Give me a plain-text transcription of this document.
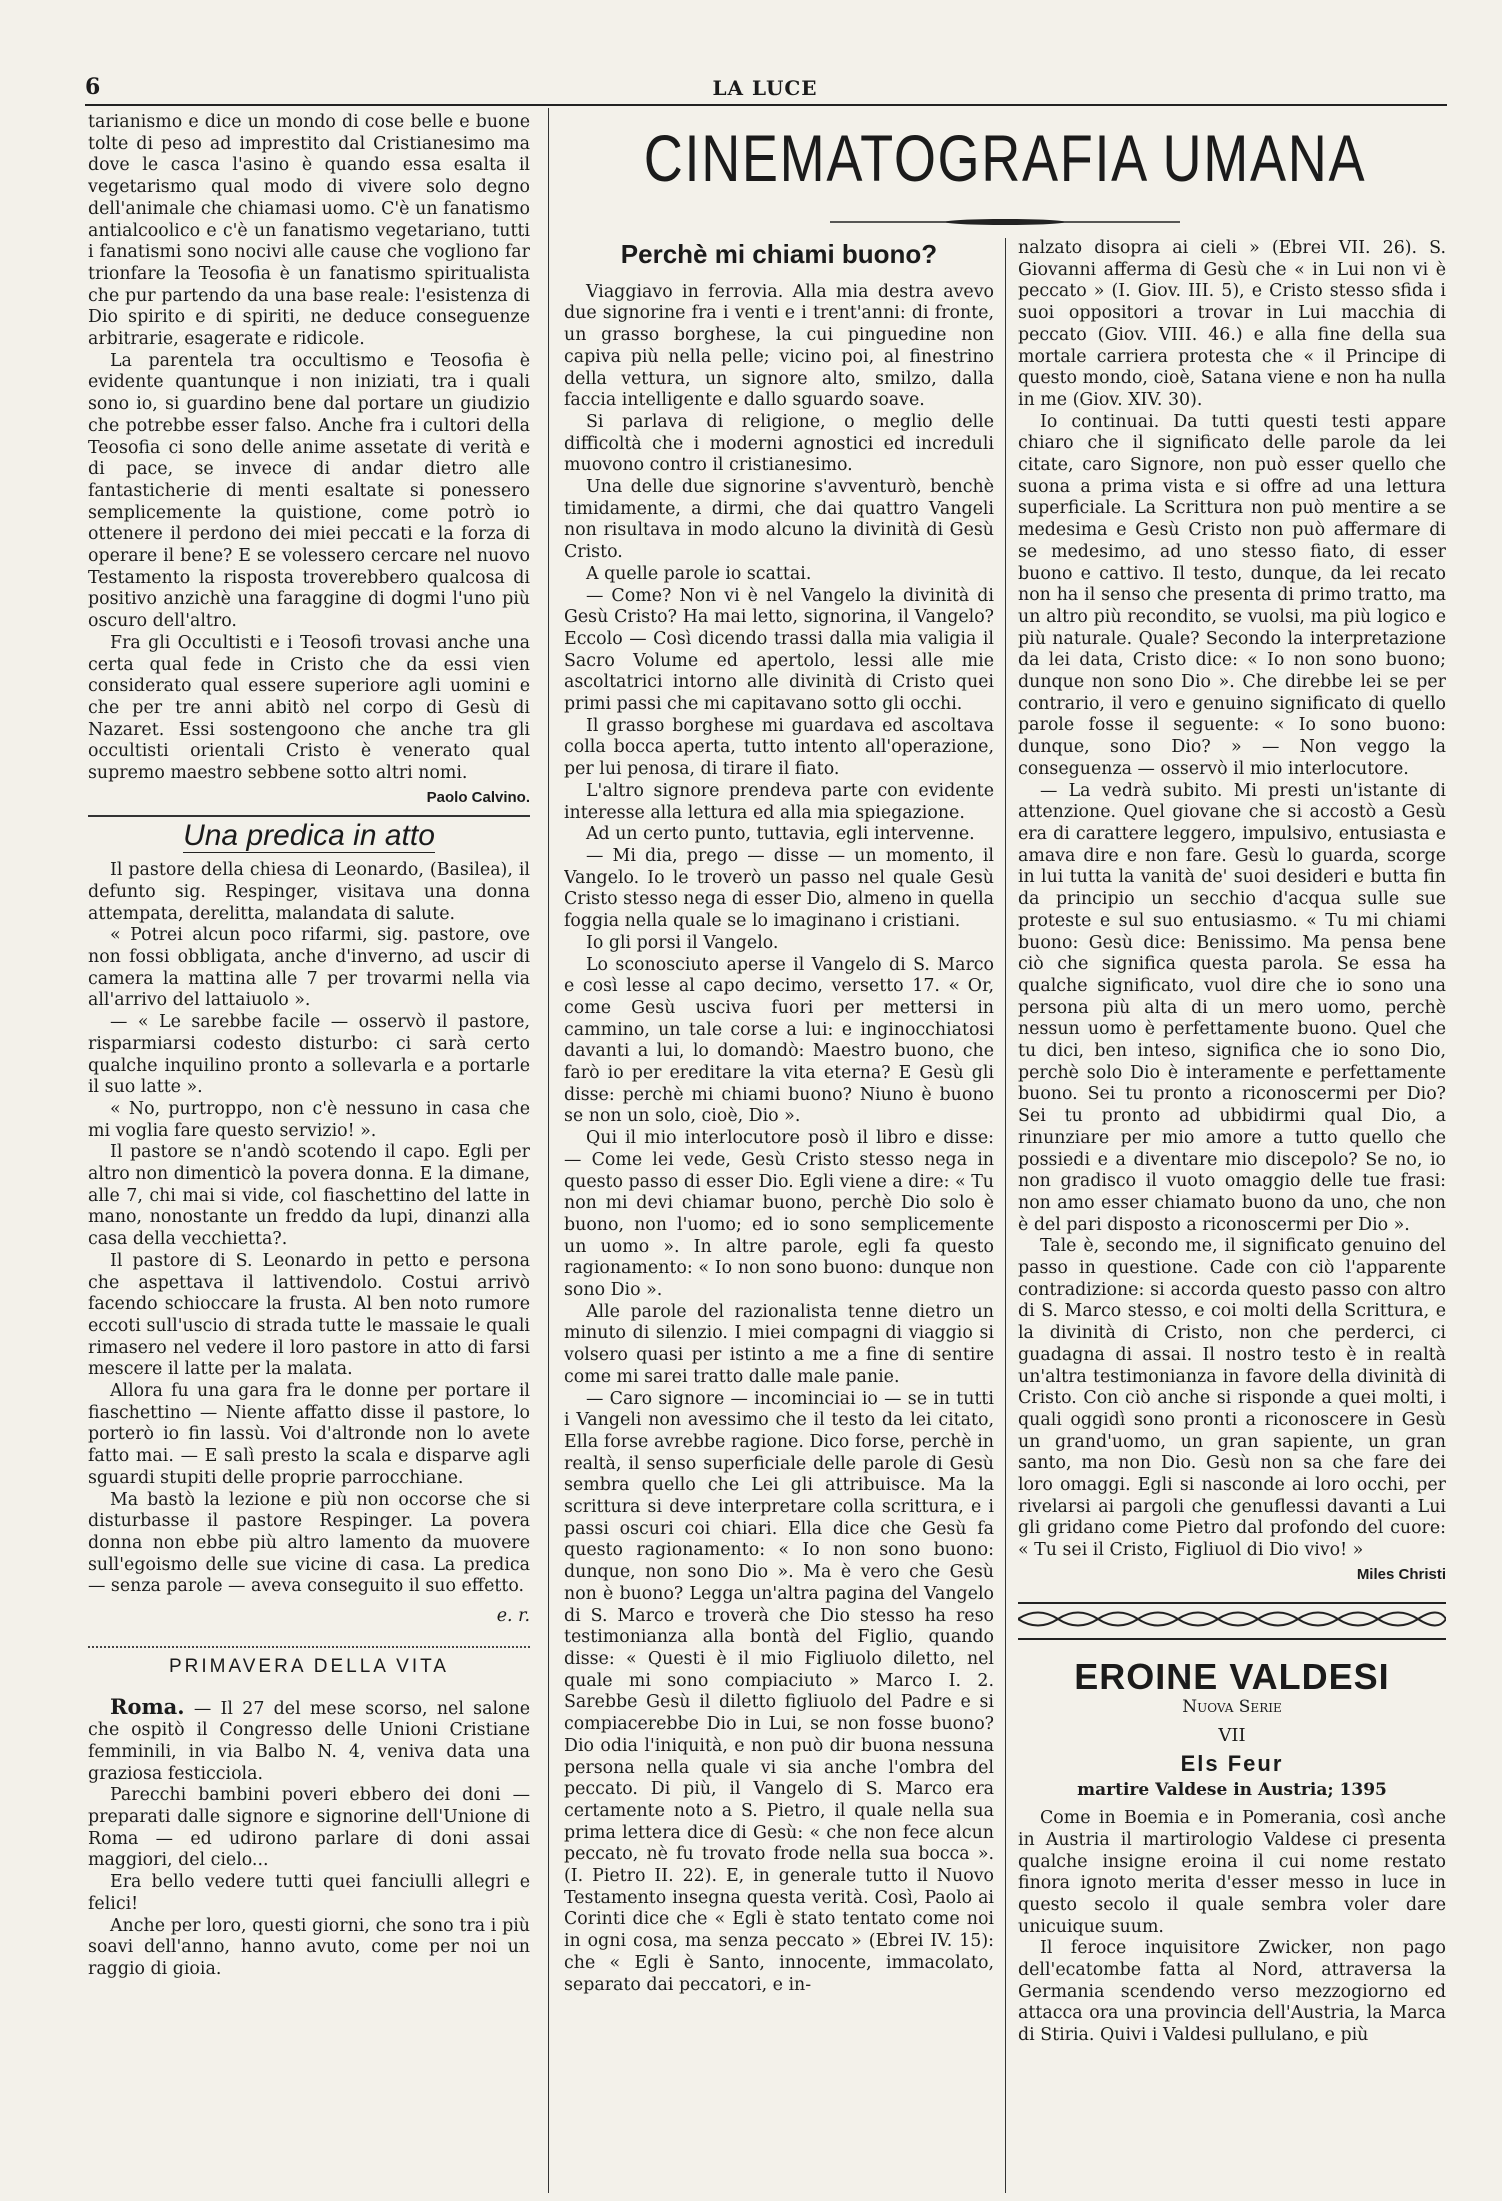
6	LA LUCE

tarianismo e dice un mondo di cose belle e buone tolte di peso ad imprestito dal Cristianesimo ma dove le casca l'asino è quando essa esalta il vegetarismo qual modo di vivere solo degno dell'animale che chiamasi uomo. C'è un fanatismo antialcoolico e c'è un fanatismo vegetariano, tutti i fanatismi sono nocivi alle cause che vogliono far trionfare la Teosofia è un fanatismo spiritualista che pur partendo da una base reale: l'esistenza di Dio spirito e di spiriti, ne deduce conseguenze arbitrarie, esagerate e ridicole.

La parentela tra occultismo e Teosofia è evidente quantunque i non iniziati, tra i quali sono io, si guardino bene dal portare un giudizio che potrebbe esser falso. Anche fra i cultori della Teosofia ci sono delle anime assetate di verità e di pace, se invece di andar dietro alle fantasticherie di menti esaltate si ponessero semplicemente la quistione, come potrò io ottenere il perdono dei miei peccati e la forza di operare il bene? E se volessero cercare nel nuovo Testamento la risposta troverebbero qualcosa di positivo anzichè una faraggine di dogmi l'uno più oscuro dell'altro.

Fra gli Occultisti e i Teosofi trovasi anche una certa qual fede in Cristo che da essi vien considerato qual essere superiore agli uomini e che per tre anni abitò nel corpo di Gesù di Nazaret. Essi sostengoono che anche tra gli occultisti orientali Cristo è venerato qual supremo maestro sebbene sotto altri nomi.

Paolo Calvino.
Una predica in atto

Il pastore della chiesa di Leonardo, (Basilea), il defunto sig. Respinger, visitava una donna attempata, derelitta, malandata di salute.

« Potrei alcun poco rifarmi, sig. pastore, ove non fossi obbligata, anche d'inverno, ad uscir di camera la mattina alle 7 per trovarmi nella via all'arrivo del lattaiuolo ».

— « Le sarebbe facile — osservò il pastore, risparmiarsi codesto disturbo: ci sarà certo qualche inquilino pronto a sollevarla e a portarle il suo latte ».

« No, purtroppo, non c'è nessuno in casa che mi voglia fare questo servizio! ».

Il pastore se n'andò scotendo il capo. Egli per altro non dimenticò la povera donna. E la dimane, alle 7, chi mai si vide, col fiaschettino del latte in mano, nonostante un freddo da lupi, dinanzi alla casa della vecchietta?.

Il pastore di S. Leonardo in petto e persona che aspettava il lattivendolo. Costui arrivò facendo schioccare la frusta. Al ben noto rumore eccoti sull'uscio di strada tutte le massaie le quali rimasero nel vedere il loro pastore in atto di farsi mescere il latte per la malata.

Allora fu una gara fra le donne per portare il fiaschettino — Niente affatto disse il pastore, lo porterò io fin lassù. Voi d'altronde non lo avete fatto mai. — E salì presto la scala e disparve agli sguardi stupiti delle proprie parrocchiane.

Ma bastò la lezione e più non occorse che si disturbasse il pastore Respinger. La povera donna non ebbe più altro lamento da muovere sull'egoismo delle sue vicine di casa. La predica — senza parole — aveva conseguito il suo effetto.

e. r.
PRIMAVERA DELLA VITA

Roma. — Il 27 del mese scorso, nel salone che ospitò il Congresso delle Unioni Cristiane femminili, in via Balbo N. 4, veniva data una graziosa festicciola.

Parecchi bambini poveri ebbero dei doni — preparati dalle signore e signorine dell'Unione di Roma — ed udirono parlare di doni assai maggiori, del cielo...

Era bello vedere tutti quei fanciulli allegri e felici!

Anche per loro, questi giorni, che sono tra i più soavi dell'anno, hanno avuto, come per noi un raggio di gioia.

CINEMATOGRAFIA UMANA
Perchè mi chiami buono?

Viaggiavo in ferrovia. Alla mia destra avevo due signorine fra i venti e i trent'anni: di fronte, un grasso borghese, la cui pinguedine non capiva più nella pelle; vicino poi, al finestrino della vettura, un signore alto, smilzo, dalla faccia intelligente e dallo sguardo soave.

Si parlava di religione, o meglio delle difficoltà che i moderni agnostici ed increduli muovono contro il cristianesimo.

Una delle due signorine s'avventurò, benchè timidamente, a dirmi, che dai quattro Vangeli non risultava in modo alcuno la divinità di Gesù Cristo.

A quelle parole io scattai.

— Come? Non vi è nel Vangelo la divinità di Gesù Cristo? Ha mai letto, signorina, il Vangelo? Eccolo — Così dicendo trassi dalla mia valigia il Sacro Volume ed apertolo, lessi alle mie ascoltatrici intorno alle divinità di Cristo quei primi passi che mi capitavano sotto gli occhi.

Il grasso borghese mi guardava ed ascoltava colla bocca aperta, tutto intento all'operazione, per lui penosa, di tirare il fiato.

L'altro signore prendeva parte con evidente interesse alla lettura ed alla mia spiegazione.

Ad un certo punto, tuttavia, egli intervenne.

— Mi dia, prego — disse — un momento, il Vangelo. Io le troverò un passo nel quale Gesù Cristo stesso nega di esser Dio, almeno in quella foggia nella quale se lo imaginano i cristiani.

Io gli porsi il Vangelo.

Lo sconosciuto aperse il Vangelo di S. Marco e così lesse al capo decimo, versetto 17. « Or, come Gesù usciva fuori per mettersi in cammino, un tale corse a lui: e inginocchiatosi davanti a lui, lo domandò: Maestro buono, che farò io per ereditare la vita eterna? E Gesù gli disse: perchè mi chiami buono? Niuno è buono se non un solo, cioè, Dio ».

Qui il mio interlocutore posò il libro e disse: — Come lei vede, Gesù Cristo stesso nega in questo passo di esser Dio. Egli viene a dire: « Tu non mi devi chiamar buono, perchè Dio solo è buono, non l'uomo; ed io sono semplicemente un uomo ». In altre parole, egli fa questo ragionamento: « Io non sono buono: dunque non sono Dio ».

Alle parole del razionalista tenne dietro un minuto di silenzio. I miei compagni di viaggio si volsero quasi per istinto a me a fine di sentire come mi sarei tratto dalle male panie.

— Caro signore — incominciai io — se in tutti i Vangeli non avessimo che il testo da lei citato, Ella forse avrebbe ragione. Dico forse, perchè in realtà, il senso superficiale delle parole di Gesù sembra quello che Lei gli attribuisce. Ma la scrittura si deve interpretare colla scrittura, e i passi oscuri coi chiari. Ella dice che Gesù fa questo ragionamento: « Io non sono buono: dunque, non sono Dio ». Ma è vero che Gesù non è buono? Legga un'altra pagina del Vangelo di S. Marco e troverà che Dio stesso ha reso testimonianza alla bontà del Figlio, quando disse: « Questi è il mio Figliuolo diletto, nel quale mi sono compiaciuto » Marco I. 2. Sarebbe Gesù il diletto figliuolo del Padre e si compiacerebbe Dio in Lui, se non fosse buono? Dio odia l'iniquità, e non può dir buona nessuna persona nella quale vi sia anche l'ombra del peccato. Di più, il Vangelo di S. Marco era certamente noto a S. Pietro, il quale nella sua prima lettera dice di Gesù: « che non fece alcun peccato, nè fu trovato frode nella sua bocca ». (I. Pietro II. 22). E, in generale tutto il Nuovo Testamento insegna questa verità. Così, Paolo ai Corinti dice che « Egli è stato tentato come noi in ogni cosa, ma senza peccato » (Ebrei IV. 15): che « Egli è Santo, innocente, immacolato, separato dai peccatori, e in-

nalzato disopra ai cieli » (Ebrei VII. 26). S. Giovanni afferma di Gesù che « in Lui non vi è peccato » (I. Giov. III. 5), e Cristo stesso sfida i suoi oppositori a trovar in Lui macchia di peccato (Giov. VIII. 46.) e alla fine della sua mortale carriera protesta che « il Principe di questo mondo, cioè, Satana viene e non ha nulla in me (Giov. XIV. 30).

Io continuai. Da tutti questi testi appare chiaro che il significato delle parole da lei citate, caro Signore, non può esser quello che suona a prima vista e si offre ad una lettura superficiale. La Scrittura non può mentire a se medesima e Gesù Cristo non può affermare di se medesimo, ad uno stesso fiato, di esser buono e cattivo. Il testo, dunque, da lei recato non ha il senso che presenta di primo tratto, ma un altro più recondito, se vuolsi, ma più logico e più naturale. Quale? Secondo la interpretazione da lei data, Cristo dice: « Io non sono buono; dunque non sono Dio ». Che direbbe lei se per contrario, il vero e genuino significato di quello parole fosse il seguente: « Io sono buono: dunque, sono Dio? » — Non veggo la conseguenza — osservò il mio interlocutore.

— La vedrà subito. Mi presti un'istante di attenzione. Quel giovane che si accostò a Gesù era di carattere leggero, impulsivo, entusiasta e amava dire e non fare. Gesù lo guarda, scorge in lui tutta la vanità de' suoi desideri e butta fin da principio un secchio d'acqua sulle sue proteste e sul suo entusiasmo. « Tu mi chiami buono: Gesù dice: Benissimo. Ma pensa bene ciò che significa questa parola. Se essa ha qualche significato, vuol dire che io sono una persona più alta di un mero uomo, perchè nessun uomo è perfettamente buono. Quel che tu dici, ben inteso, significa che io sono Dio, perchè solo Dio è interamente e perfettamente buono. Sei tu pronto a riconoscermi per Dio? Sei tu pronto ad ubbidirmi qual Dio, a rinunziare per mio amore a tutto quello che possiedi e a diventare mio discepolo? Se no, io non gradisco il vuoto omaggio delle tue frasi: non amo esser chiamato buono da uno, che non è del pari disposto a riconoscermi per Dio ».

Tale è, secondo me, il significato genuino del passo in questione. Cade con ciò l'apparente contradizione: si accorda questo passo con altro di S. Marco stesso, e coi molti della Scrittura, e la divinità di Cristo, non che perderci, ci guadagna di assai. Il nostro testo è in realtà un'altra testimonianza in favore della divinità di Cristo. Con ciò anche si risponde a quei molti, i quali oggidì sono pronti a riconoscere in Gesù un grand'uomo, un gran sapiente, un gran santo, ma non Dio. Gesù non sa che fare dei loro omaggi. Egli si nasconde ai loro occhi, per rivelarsi ai pargoli che genuflessi davanti a Lui gli gridano come Pietro dal profondo del cuore: « Tu sei il Cristo, Figliuol di Dio vivo! »

Miles Christi
EROINE VALDESI
Nuova Serie
VII
Els Feur
martire Valdese in Austria; 1395

Come in Boemia e in Pomerania, così anche in Austria il martirologio Valdese ci presenta qualche insigne eroina il cui nome restato finora ignoto merita d'esser messo in luce in questo secolo il quale sembra voler dare unicuique suum.

Il feroce inquisitore Zwicker, non pago dell'ecatombe fatta al Nord, attraversa la Germania scendendo verso mezzogiorno ed attacca ora una provincia dell'Austria, la Marca di Stiria. Quivi i Valdesi pullulano, e più
